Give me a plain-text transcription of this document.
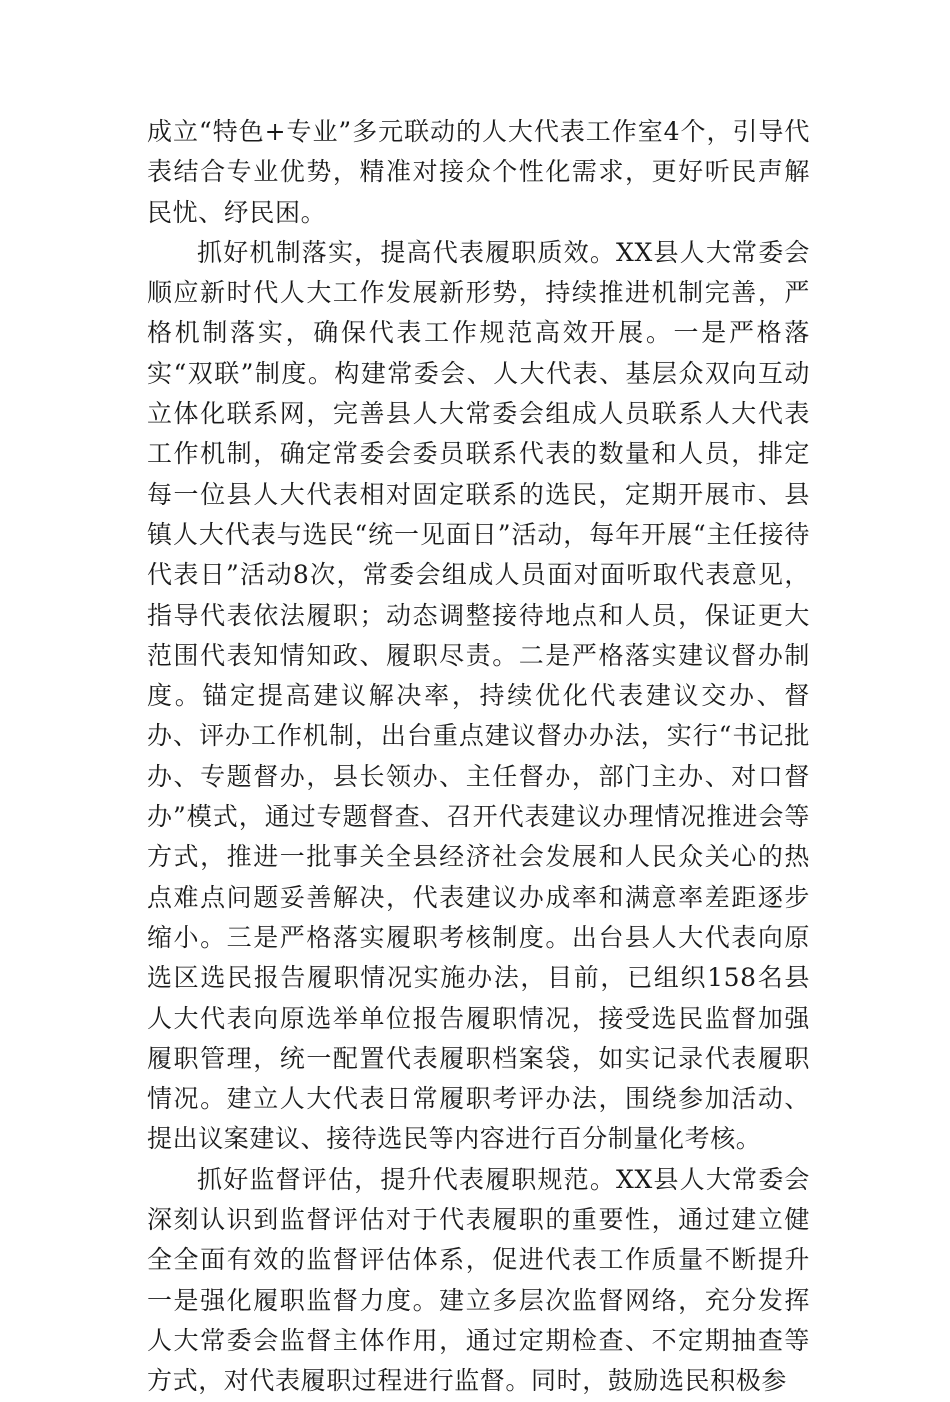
成立“特色+专业”多元联动的人大代表工作室4个，引导代表结合专业优势，精准对接众个性化需求，更好听民声解民忧、纾民困。

抓好机制落实，提高代表履职质效。XX县人大常委会顺应新时代人大工作发展新形势，持续推进机制完善，严格机制落实，确保代表工作规范高效开展。一是严格落实“双联”制度。构建常委会、人大代表、基层众双向互动立体化联系网，完善县人大常委会组成人员联系人大代表工作机制，确定常委会委员联系代表的数量和人员，排定每一位县人大代表相对固定联系的选民，定期开展市、县镇人大代表与选民“统一见面日”活动，每年开展“主任接待代表日”活动8次，常委会组成人员面对面听取代表意见，指导代表依法履职；动态调整接待地点和人员，保证更大范围代表知情知政、履职尽责。二是严格落实建议督办制度。锚定提高建议解决率，持续优化代表建议交办、督办、评办工作机制，出台重点建议督办办法，实行“书记批办、专题督办，县长领办、主任督办，部门主办、对口督办”模式，通过专题督查、召开代表建议办理情况推进会等方式，推进一批事关全县经济社会发展和人民众关心的热点难点问题妥善解决，代表建议办成率和满意率差距逐步缩小。三是严格落实履职考核制度。出台县人大代表向原选区选民报告履职情况实施办法，目前，已组织158名县人大代表向原选举单位报告履职情况，接受选民监督加强履职管理，统一配置代表履职档案袋，如实记录代表履职情况。建立人大代表日常履职考评办法，围绕参加活动、提出议案建议、接待选民等内容进行百分制量化考核。

抓好监督评估，提升代表履职规范。XX县人大常委会深刻认识到监督评估对于代表履职的重要性，通过建立健全全面有效的监督评估体系，促进代表工作质量不断提升一是强化履职监督力度。建立多层次监督网络，充分发挥人大常委会监督主体作用，通过定期检查、不定期抽查等方式，对代表履职过程进行监督。同时，鼓励选民积极参
